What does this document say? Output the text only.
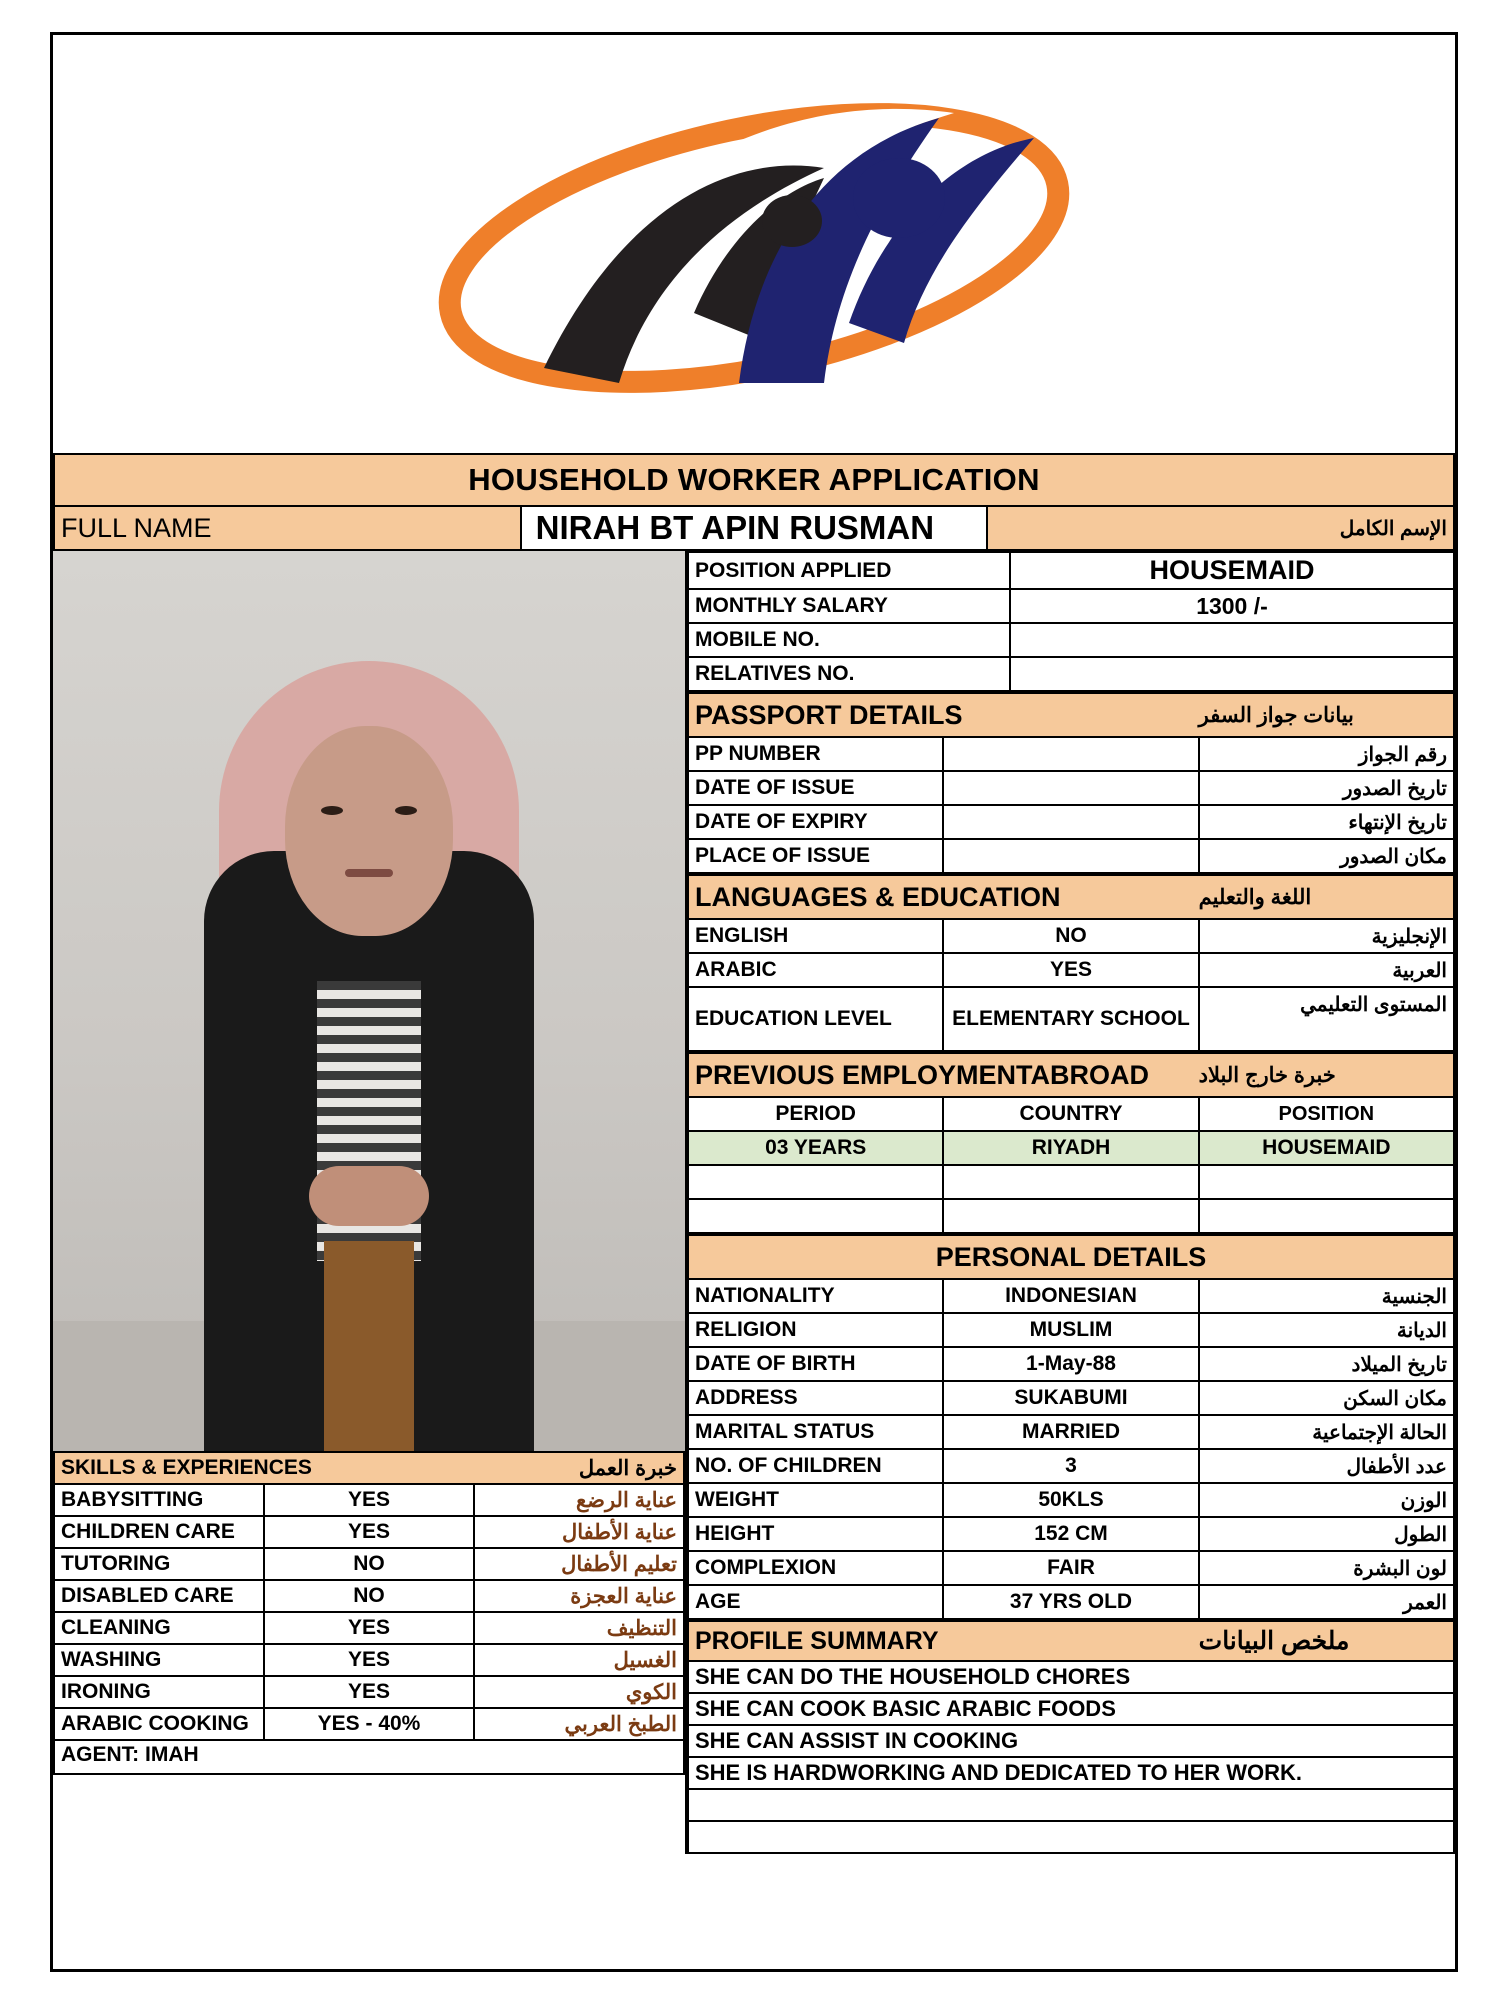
HOUSEHOLD WORKER APPLICATION
FULL NAME	NIRAH BT APIN RUSMAN	الإسم الكامل
SKILLS & EXPERIENCES		خبرة العمل
BABYSITTING	YES	عناية الرضع
CHILDREN CARE	YES	عناية الأطفال
TUTORING	NO	تعليم الأطفال
DISABLED CARE	NO	عناية العجزة
CLEANING	YES	التنظيف
WASHING	YES	الغسيل
IRONING	YES	الكوي
ARABIC COOKING	YES - 40%	الطبخ العربي
AGENT: IMAH		
POSITION APPLIED	HOUSEMAID
MONTHLY SALARY	1300 /-
MOBILE NO.	
RELATIVES NO.	
PASSPORT DETAILS		بيانات جواز السفر
PP NUMBER		رقم الجواز
DATE OF ISSUE		تاريخ الصدور
DATE OF EXPIRY		تاريخ الإنتهاء
PLACE OF ISSUE		مكان الصدور
LANGUAGES & EDUCATION		اللغة والتعليم
ENGLISH	NO	الإنجليزية
ARABIC	YES	العربية
EDUCATION LEVEL	ELEMENTARY SCHOOL	المستوى التعليمي
PREVIOUS EMPLOYMENTABROAD		خبرة خارج البلاد
PERIOD	COUNTRY	POSITION
03 YEARS	RIYADH	HOUSEMAID

PERSONAL DETAILS		
NATIONALITY	INDONESIAN	الجنسية
RELIGION	MUSLIM	الديانة
DATE OF BIRTH	1-May-88	تاريخ الميلاد
ADDRESS	SUKABUMI	مكان السكن
MARITAL STATUS	MARRIED	الحالة الإجتماعية
NO. OF CHILDREN	3	عدد الأطفال
WEIGHT	50KLS	الوزن
HEIGHT	152 CM	الطول
COMPLEXION	FAIR	لون البشرة
AGE	37 YRS OLD	العمر
PROFILE SUMMARY	ملخص البيانات
SHE CAN DO THE HOUSEHOLD CHORES
SHE CAN COOK BASIC ARABIC FOODS
SHE CAN ASSIST IN COOKING
SHE IS HARDWORKING AND DEDICATED TO HER WORK.
